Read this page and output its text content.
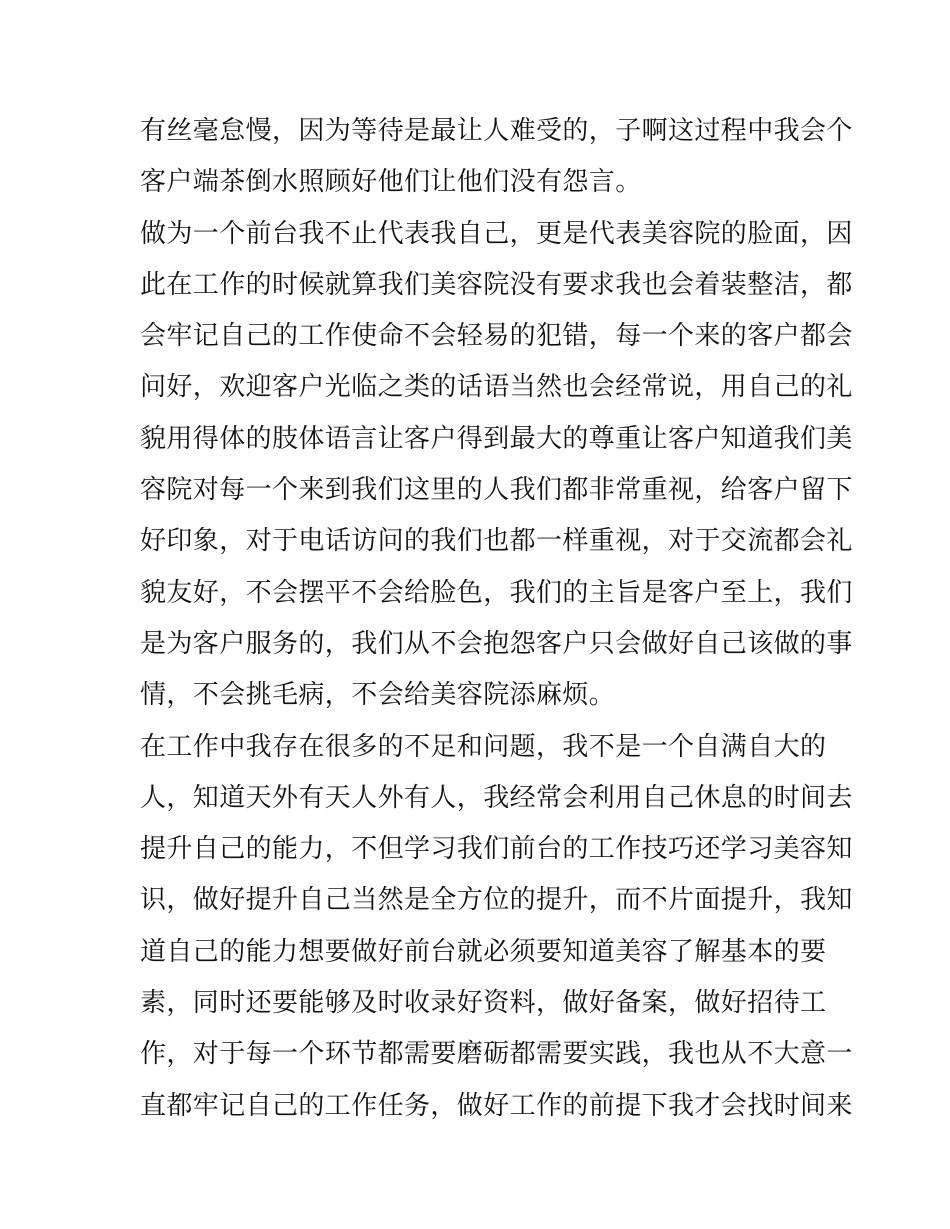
有丝毫怠慢，因为等待是最让人难受的，子啊这过程中我会个
客户端茶倒水照顾好他们让他们没有怨言。
做为一个前台我不止代表我自己，更是代表美容院的脸面，因
此在工作的时候就算我们美容院没有要求我也会着装整洁，都
会牢记自己的工作使命不会轻易的犯错，每一个来的客户都会
问好，欢迎客户光临之类的话语当然也会经常说，用自己的礼
貌用得体的肢体语言让客户得到最大的尊重让客户知道我们美
容院对每一个来到我们这里的人我们都非常重视，给客户留下
好印象，对于电话访问的我们也都一样重视，对于交流都会礼
貌友好，不会摆平不会给脸色，我们的主旨是客户至上，我们
是为客户服务的，我们从不会抱怨客户只会做好自己该做的事
情，不会挑毛病，不会给美容院添麻烦。
在工作中我存在很多的不足和问题，我不是一个自满自大的
人，知道天外有天人外有人，我经常会利用自己休息的时间去
提升自己的能力，不但学习我们前台的工作技巧还学习美容知
识，做好提升自己当然是全方位的提升，而不片面提升，我知
道自己的能力想要做好前台就必须要知道美容了解基本的要
素，同时还要能够及时收录好资料，做好备案，做好招待工
作，对于每一个环节都需要磨砺都需要实践，我也从不大意一
直都牢记自己的工作任务，做好工作的前提下我才会找时间来
